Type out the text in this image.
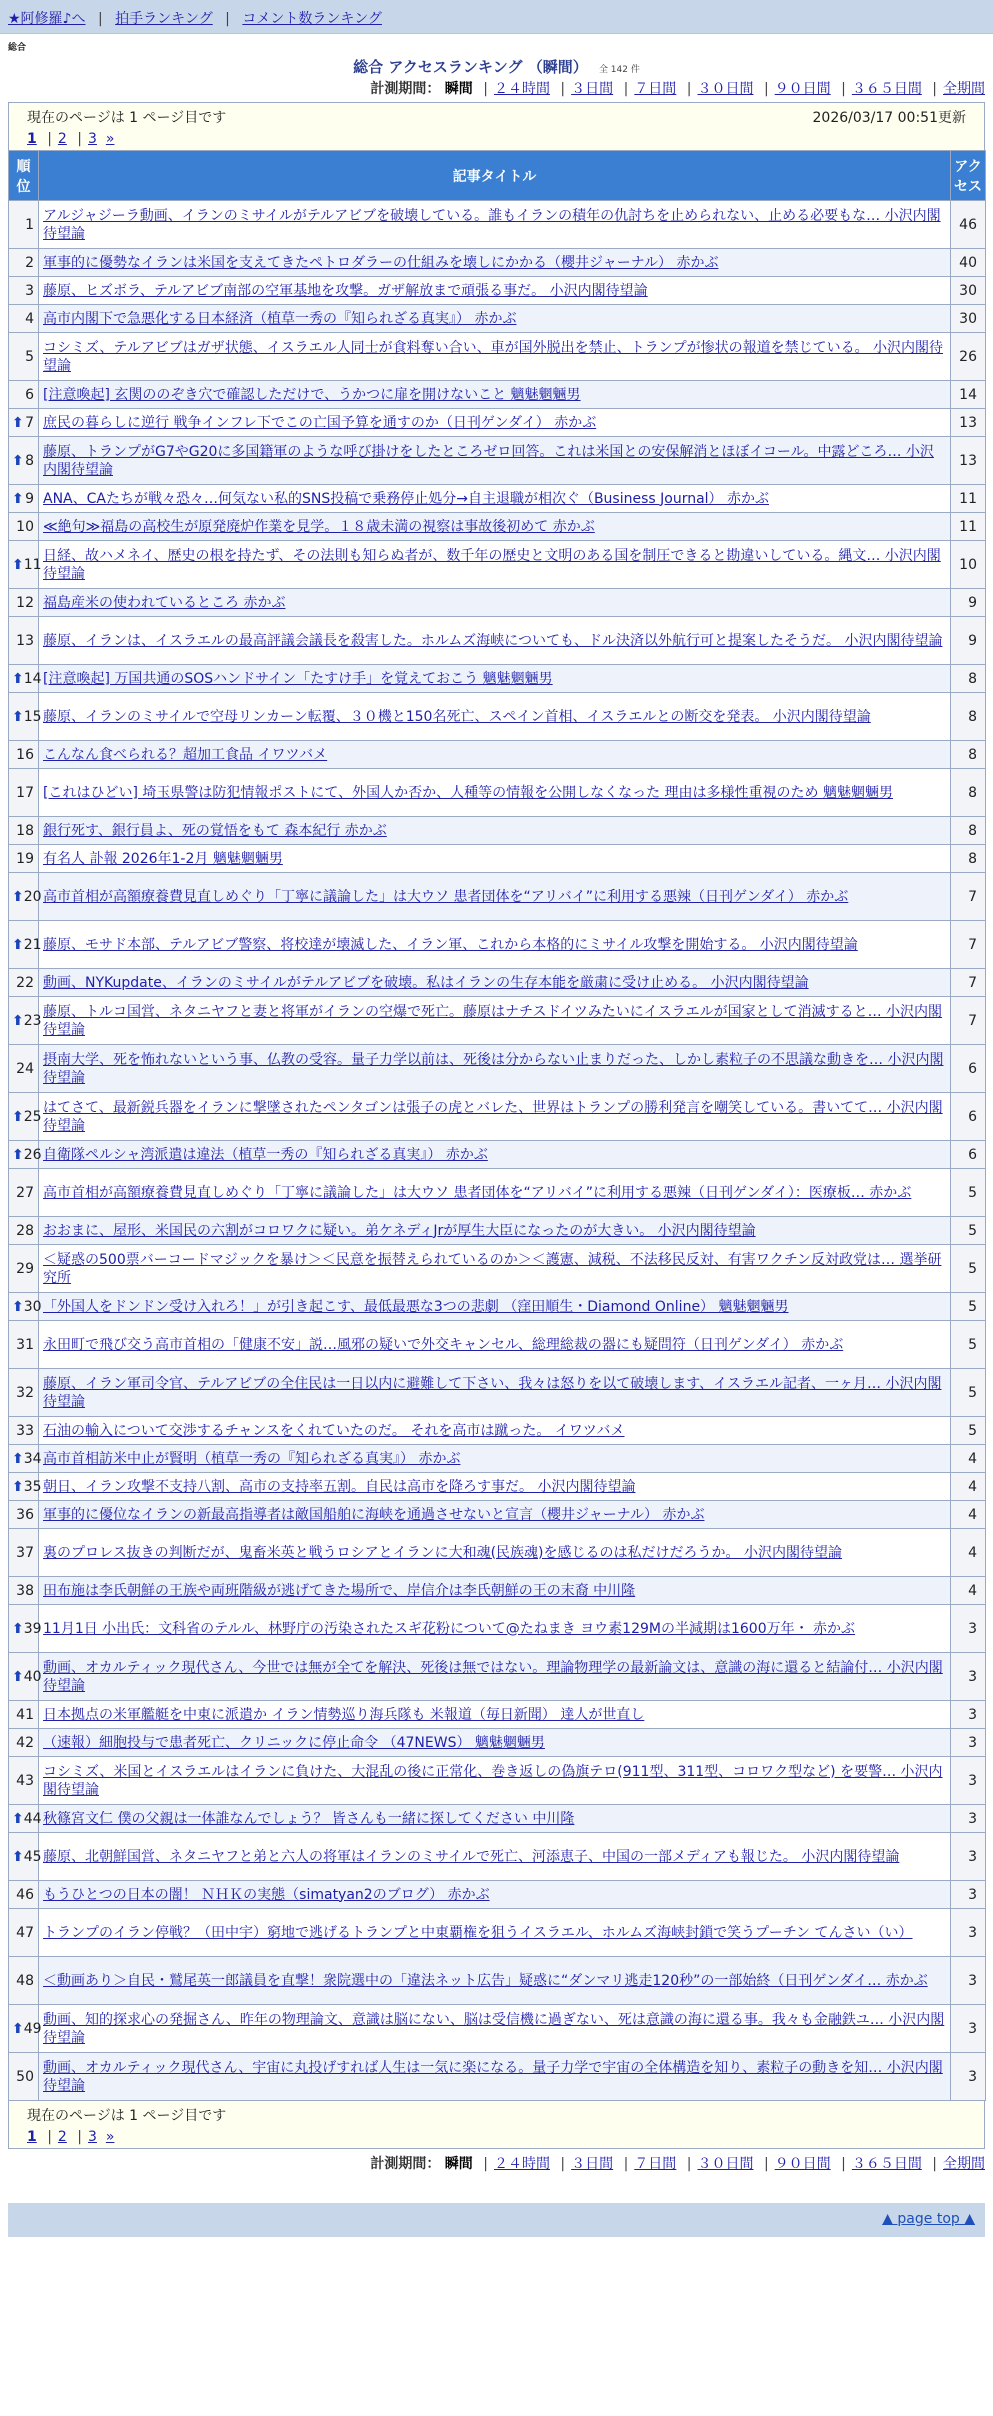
★阿修羅♪へ | 拍手ランキング | コメント数ランキング
総合
総合 アクセスランキング （瞬間） 全 142 件
計測期間： 瞬間 | ２４時間 | ３日間 | ７日間 | ３０日間 | ９０日間 | ３６５日間 | 全期間
現在のページは 1 ページ目です	2026/03/17 00:51更新
1 | 2 | 3 »
順位	記事タイトル	アクセス
1	アルジャジーラ動画、イランのミサイルがテルアビブを破壊している。誰もイランの積年の仇討ちを止められない、止める必要もな… 小沢内閣待望論	46
2	軍事的に優勢なイランは米国を支えてきたペトロダラーの仕組みを壊しにかかる（櫻井ジャーナル） 赤かぶ	40
3	藤原、ヒズボラ、テルアビブ南部の空軍基地を攻撃。ガザ解放まで頑張る事だ。 小沢内閣待望論	30
4	高市内閣下で急悪化する日本経済（植草一秀の『知られざる真実』） 赤かぶ	30
5	コシミズ、テルアビブはガザ状態、イスラエル人同士が食料奪い合い、車が国外脱出を禁止、トランプが惨状の報道を禁じている。 小沢内閣待望論	26
6	[注意喚起] 玄関ののぞき穴で確認しただけで、うかつに扉を開けないこと 魑魅魍魎男	14

⬆ 7	庶民の暮らしに逆行 戦争インフレ下でこの亡国予算を通すのか（日刊ゲンダイ） 赤かぶ	13

⬆ 8	藤原、トランプがG7やG20に多国籍軍のような呼び掛けをしたところゼロ回答。これは米国との安保解消とほぼイコール。中露どころ… 小沢内閣待望論	13

⬆ 9	ANA、CAたちが戦々恐々…何気ない私的SNS投稿で乗務停止処分→自主退職が相次ぐ（Business Journal） 赤かぶ	11
10	≪絶句≫福島の高校生が原発廃炉作業を見学。１８歳未満の視察は事故後初めて 赤かぶ	11

⬆ 11	日経、故ハメネイ、歴史の根を持たず、その法則も知らぬ者が、数千年の歴史と文明のある国を制圧できると勘違いしている。縄文… 小沢内閣待望論	10
12	福島産米の使われているところ 赤かぶ	9
13	藤原、イランは、イスラエルの最高評議会議長を殺害した。ホルムズ海峡についても、ドル決済以外航行可と提案したそうだ。 小沢内閣待望論	9

⬆ 14	[注意喚起] 万国共通のSOSハンドサイン「たすけ手」を覚えておこう 魑魅魍魎男	8

⬆ 15	藤原、イランのミサイルで空母リンカーン転覆、３０機と150名死亡、スペイン首相、イスラエルとの断交を発表。 小沢内閣待望論	8
16	こんなん食べられる？超加工食品 イワツバメ	8
17	[これはひどい] 埼玉県警は防犯情報ポストにて、外国人か否か、人種等の情報を公開しなくなった 理由は多様性重視のため 魑魅魍魎男	8
18	銀行死す、銀行員よ、死の覚悟をもて 森本紀行 赤かぶ	8
19	有名人 訃報 2026年1-2月 魑魅魍魎男	8

⬆ 20	高市首相が高額療養費見直しめぐり「丁寧に議論した」は大ウソ 患者団体を“アリバイ”に利用する悪辣（日刊ゲンダイ） 赤かぶ	7

⬆ 21	藤原、モサド本部、テルアビブ警察、将校達が壊滅した、イラン軍、これから本格的にミサイル攻撃を開始する。 小沢内閣待望論	7
22	動画、NYKupdate、イランのミサイルがテルアビブを破壊。私はイランの生存本能を厳粛に受け止める。 小沢内閣待望論	7

⬆ 23	藤原、トルコ国営、ネタニヤフと妻と将軍がイランの空爆で死亡。藤原はナチスドイツみたいにイスラエルが国家として消滅すると… 小沢内閣待望論	7
24	摂南大学、死を怖れないという事、仏教の受容。量子力学以前は、死後は分からない止まりだった、しかし素粒子の不思議な動きを… 小沢内閣待望論	6

⬆ 25	はてさて、最新鋭兵器をイランに撃墜されたペンタゴンは張子の虎とバレた、世界はトランプの勝利発言を嘲笑している。書いてて… 小沢内閣待望論	6

⬆ 26	自衛隊ペルシャ湾派遣は違法（植草一秀の『知られざる真実』） 赤かぶ	6
27	高市首相が高額療養費見直しめぐり「丁寧に議論した」は大ウソ 患者団体を“アリバイ”に利用する悪辣（日刊ゲンダイ）：医療板… 赤かぶ	5
28	おおまに、屋形、米国民の六割がコロワクに疑い。弟ケネディJrが厚生大臣になったのが大きい。 小沢内閣待望論	5
29	＜疑惑の500票バーコードマジックを暴け＞＜民意を振替えられているのか＞＜護憲、減税、不法移民反対、有害ワクチン反対政党は… 選挙研究所	5

⬆ 30	「外国人をドンドン受け入れろ！」が引き起こす、最低最悪な3つの悲劇 （窪田順生・Diamond Online） 魑魅魍魎男	5
31	永田町で飛び交う高市首相の「健康不安」説…風邪の疑いで外交キャンセル、総理総裁の器にも疑問符（日刊ゲンダイ） 赤かぶ	5
32	藤原、イラン軍司令官、テルアビブの全住民は一日以内に避難して下さい、我々は怒りを以て破壊します、イスラエル記者、一ヶ月… 小沢内閣待望論	5
33	石油の輸入について交渉するチャンスをくれていたのだ。 それを高市は蹴った。 イワツバメ	5

⬆ 34	高市首相訪米中止が賢明（植草一秀の『知られざる真実』） 赤かぶ	4

⬆ 35	朝日、イラン攻撃不支持八割、高市の支持率五割。自民は高市を降ろす事だ。 小沢内閣待望論	4
36	軍事的に優位なイランの新最高指導者は敵国船舶に海峡を通過させないと宣言（櫻井ジャーナル） 赤かぶ	4
37	裏のプロレス抜きの判断だが、鬼畜米英と戦うロシアとイランに大和魂(民族魂)を感じるのは私だけだろうか。 小沢内閣待望論	4
38	田布施は李氏朝鮮の王族や両班階級が逃げてきた場所で、岸信介は李氏朝鮮の王の末裔 中川隆	4

⬆ 39	11月1日 小出氏：文科省のテルル、林野庁の汚染されたスギ花粉について@たねまき ヨウ素129Mの半減期は1600万年・ 赤かぶ	3

⬆ 40	動画、オカルティック現代さん、今世では無が全てを解決、死後は無ではない。理論物理学の最新論文は、意識の海に還ると結論付… 小沢内閣待望論	3
41	日本拠点の米軍艦艇を中東に派遣か イラン情勢巡り海兵隊も 米報道（毎日新聞） 達人が世直し	3
42	（速報）細胞投与で患者死亡、クリニックに停止命令 （47NEWS） 魑魅魍魎男	3
43	コシミズ、米国とイスラエルはイランに負けた、大混乱の後に正常化、巻き返しの偽旗テロ(911型、311型、コロワク型など) を要警… 小沢内閣待望論	3

⬆ 44	秋篠宮文仁 僕の父親は一体誰なんでしょう？ 皆さんも一緒に探してください 中川隆	3

⬆ 45	藤原、北朝鮮国営、ネタニヤフと弟と六人の将軍はイランのミサイルで死亡、河添恵子、中国の一部メディアも報じた。 小沢内閣待望論	3
46	もうひとつの日本の闇！ ＮＨＫの実態（simatyan2のブログ） 赤かぶ	3
47	トランプのイラン停戦？（田中宇）窮地で逃げるトランプと中東覇権を狙うイスラエル、ホルムズ海峡封鎖で笑うプーチン てんさい（い）	3
48	＜動画あり＞自民・鷲尾英一郎議員を直撃！衆院選中の「違法ネット広告」疑惑に“ダンマリ逃走120秒”の一部始終（日刊ゲンダイ… 赤かぶ	3

⬆ 49	動画、知的探求心の発掘さん、昨年の物理論文、意識は脳にない、脳は受信機に過ぎない、死は意識の海に還る事。我々も金融鉄ユ… 小沢内閣待望論	3
50	動画、オカルティック現代さん、宇宙に丸投げすれば人生は一気に楽になる。量子力学で宇宙の全体構造を知り、素粒子の動きを知… 小沢内閣待望論	3
現在のページは 1 ページ目です
1 | 2 | 3 »
計測期間： 瞬間 | ２４時間 | ３日間 | ７日間 | ３０日間 | ９０日間 | ３６５日間 | 全期間
▲ page top ▲
